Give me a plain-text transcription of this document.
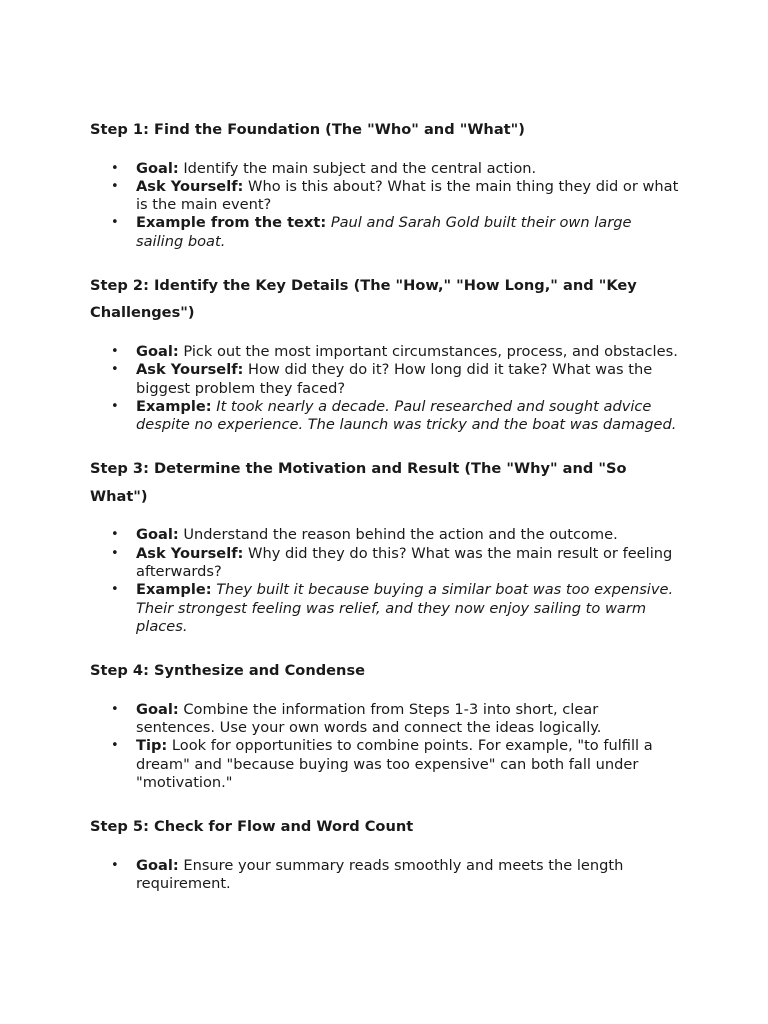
Step 1: Find the Foundation (The "Who" and "What")

• Goal: Identify the main subject and the central action.
• Ask Yourself: Who is this about? What is the main thing they did or what is the main event?
• Example from the text: Paul and Sarah Gold built their own large sailing boat.

Step 2: Identify the Key Details (The "How," "How Long," and "Key Challenges")

• Goal: Pick out the most important circumstances, process, and obstacles.
• Ask Yourself: How did they do it? How long did it take? What was the biggest problem they faced?
• Example: It took nearly a decade. Paul researched and sought advice despite no experience. The launch was tricky and the boat was damaged.

Step 3: Determine the Motivation and Result (The "Why" and "So What")

• Goal: Understand the reason behind the action and the outcome.
• Ask Yourself: Why did they do this? What was the main result or feeling afterwards?
• Example: They built it because buying a similar boat was too expensive. Their strongest feeling was relief, and they now enjoy sailing to warm places.

Step 4: Synthesize and Condense

• Goal: Combine the information from Steps 1-3 into short, clear sentences. Use your own words and connect the ideas logically.
• Tip: Look for opportunities to combine points. For example, "to fulfill a dream" and "because buying was too expensive" can both fall under "motivation."

Step 5: Check for Flow and Word Count

• Goal: Ensure your summary reads smoothly and meets the length requirement.
